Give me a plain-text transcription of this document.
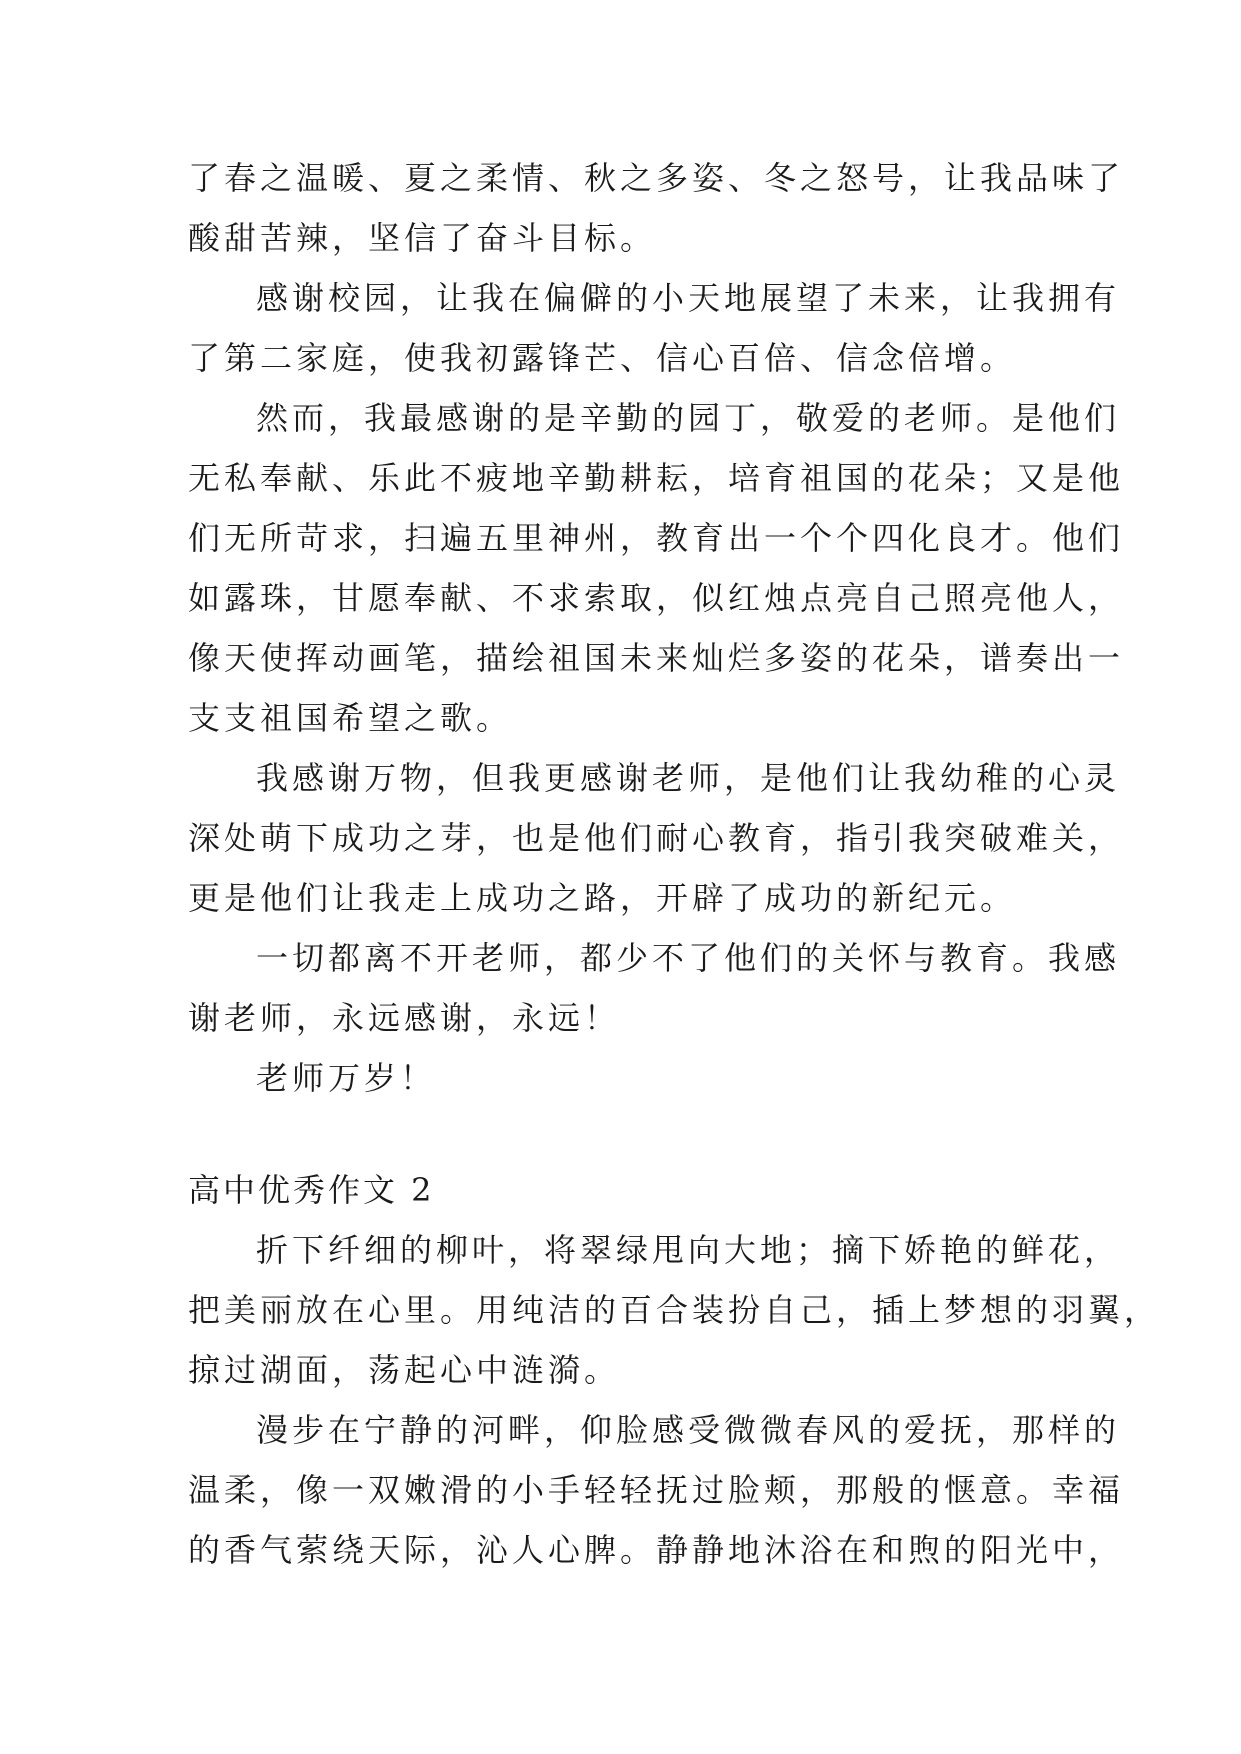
了春之温暖、夏之柔情、秋之多姿、冬之怒号，让我品味了
酸甜苦辣，坚信了奋斗目标。
感谢校园，让我在偏僻的小天地展望了未来，让我拥有
了第二家庭，使我初露锋芒、信心百倍、信念倍增。
然而，我最感谢的是辛勤的园丁，敬爱的老师。是他们
无私奉献、乐此不疲地辛勤耕耘，培育祖国的花朵；又是他
们无所苛求，扫遍五里神州，教育出一个个四化良才。他们
如露珠，甘愿奉献、不求索取，似红烛点亮自己照亮他人，
像天使挥动画笔，描绘祖国未来灿烂多姿的花朵，谱奏出一
支支祖国希望之歌。
我感谢万物，但我更感谢老师，是他们让我幼稚的心灵
深处萌下成功之芽，也是他们耐心教育，指引我突破难关，
更是他们让我走上成功之路，开辟了成功的新纪元。
一切都离不开老师，都少不了他们的关怀与教育。我感
谢老师，永远感谢，永远！
老师万岁！
高中优秀作文 2
折下纤细的柳叶，将翠绿甩向大地；摘下娇艳的鲜花，
把美丽放在心里。用纯洁的百合装扮自己，插上梦想的羽翼，
掠过湖面，荡起心中涟漪。
漫步在宁静的河畔，仰脸感受微微春风的爱抚，那样的
温柔，像一双嫩滑的小手轻轻抚过脸颊，那般的惬意。幸福
的香气萦绕天际，沁人心脾。静静地沐浴在和煦的阳光中，
